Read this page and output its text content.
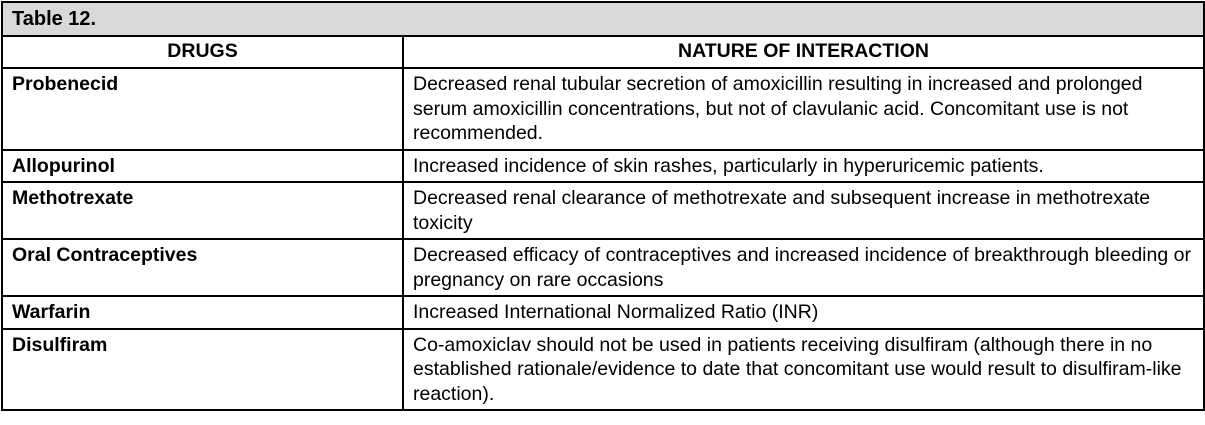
Table 12.	
DRUGS	NATURE OF INTERACTION
Probenecid	Decreased renal tubular secretion of amoxicillin resulting in increased and prolonged serum amoxicillin concentrations, but not of clavulanic acid. Concomitant use is not recommended.
Allopurinol	Increased incidence of skin rashes, particularly in hyperuricemic patients.
Methotrexate	Decreased renal clearance of methotrexate and subsequent increase in methotrexate toxicity
Oral Contraceptives	Decreased efficacy of contraceptives and increased incidence of breakthrough bleeding or pregnancy on rare occasions
Warfarin	Increased International Normalized Ratio (INR)
Disulfiram	Co-amoxiclav should not be used in patients receiving disulfiram (although there in no established rationale/evidence to date that concomitant use would result to disulfiram-like reaction).
